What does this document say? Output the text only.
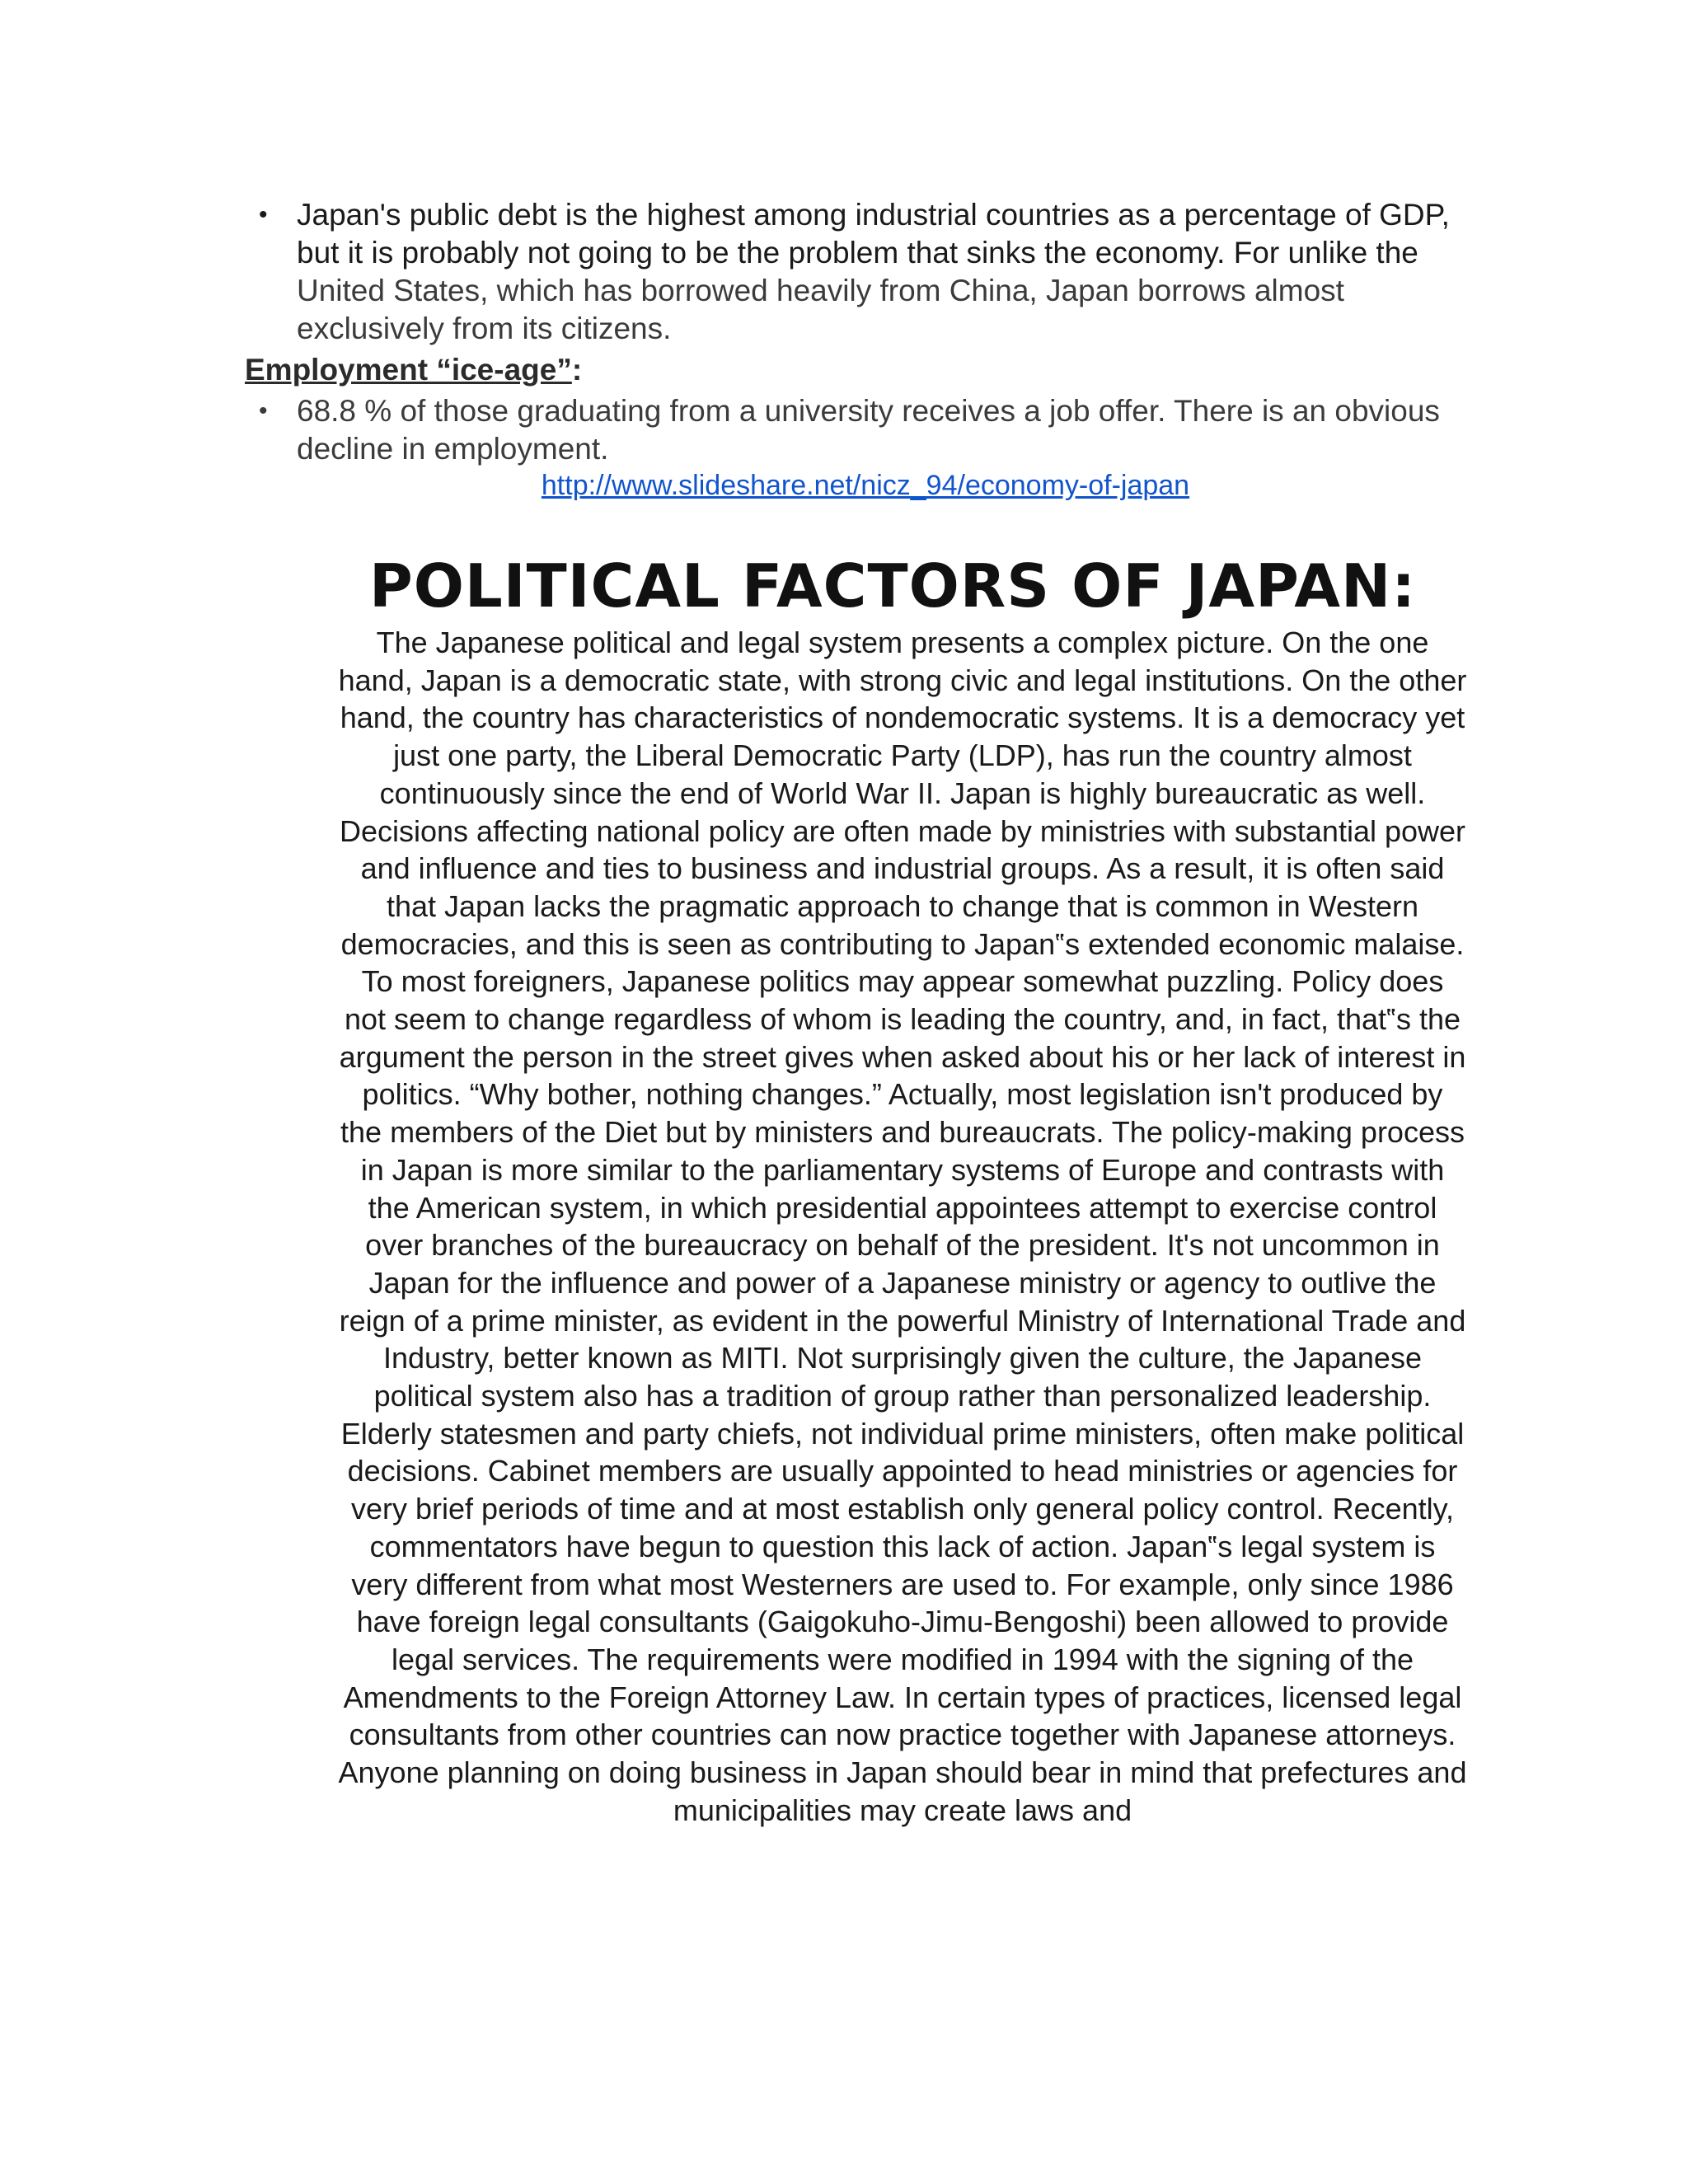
• Japan's public debt is the highest among industrial countries as a percentage of GDP, but it is probably not going to be the problem that sinks the economy. For unlike the United States, which has borrowed heavily from China, Japan borrows almost exclusively from its citizens.
Employment “ice-age”:
• 68.8 % of those graduating from a university receives a job offer. There is an obvious decline in employment.
http://www.slideshare.net/nicz_94/economy-of-japan
POLITICAL FACTORS OF JAPAN:

The Japanese political and legal system presents a complex picture. On the one hand, Japan is a democratic state, with strong civic and legal institutions. On the other hand, the country has characteristics of nondemocratic systems. It is a democracy yet just one party, the Liberal Democratic Party (LDP), has run the country almost continuously since the end of World War II. Japan is highly bureaucratic as well. Decisions affecting national policy are often made by ministries with substantial power and influence and ties to business and industrial groups. As a result, it is often said that Japan lacks the pragmatic approach to change that is common in Western democracies, and this is seen as contributing to Japan‟s extended economic malaise. To most foreigners, Japanese politics may appear somewhat puzzling. Policy does not seem to change regardless of whom is leading the country, and, in fact, that‟s the argument the person in the street gives when asked about his or her lack of interest in politics. “Why bother, nothing changes.” Actually, most legislation isn't produced by the members of the Diet but by ministers and bureaucrats. The policy-making process in Japan is more similar to the parliamentary systems of Europe and contrasts with the American system, in which presidential appointees attempt to exercise control over branches of the bureaucracy on behalf of the president. It's not uncommon in Japan for the influence and power of a Japanese ministry or agency to outlive the reign of a prime minister, as evident in the powerful Ministry of International Trade and Industry, better known as MITI. Not surprisingly given the culture, the Japanese political system also has a tradition of group rather than personalized leadership. Elderly statesmen and party chiefs, not individual prime ministers, often make political decisions. Cabinet members are usually appointed to head ministries or agencies for very brief periods of time and at most establish only general policy control. Recently, commentators have begun to question this lack of action. Japan‟s legal system is very different from what most Westerners are used to. For example, only since 1986 have foreign legal consultants (Gaigokuho-Jimu-Bengoshi) been allowed to provide legal services. The requirements were modified in 1994 with the signing of the Amendments to the Foreign Attorney Law. In certain types of practices, licensed legal consultants from other countries can now practice together with Japanese attorneys. Anyone planning on doing business in Japan should bear in mind that prefectures and municipalities may create laws and
